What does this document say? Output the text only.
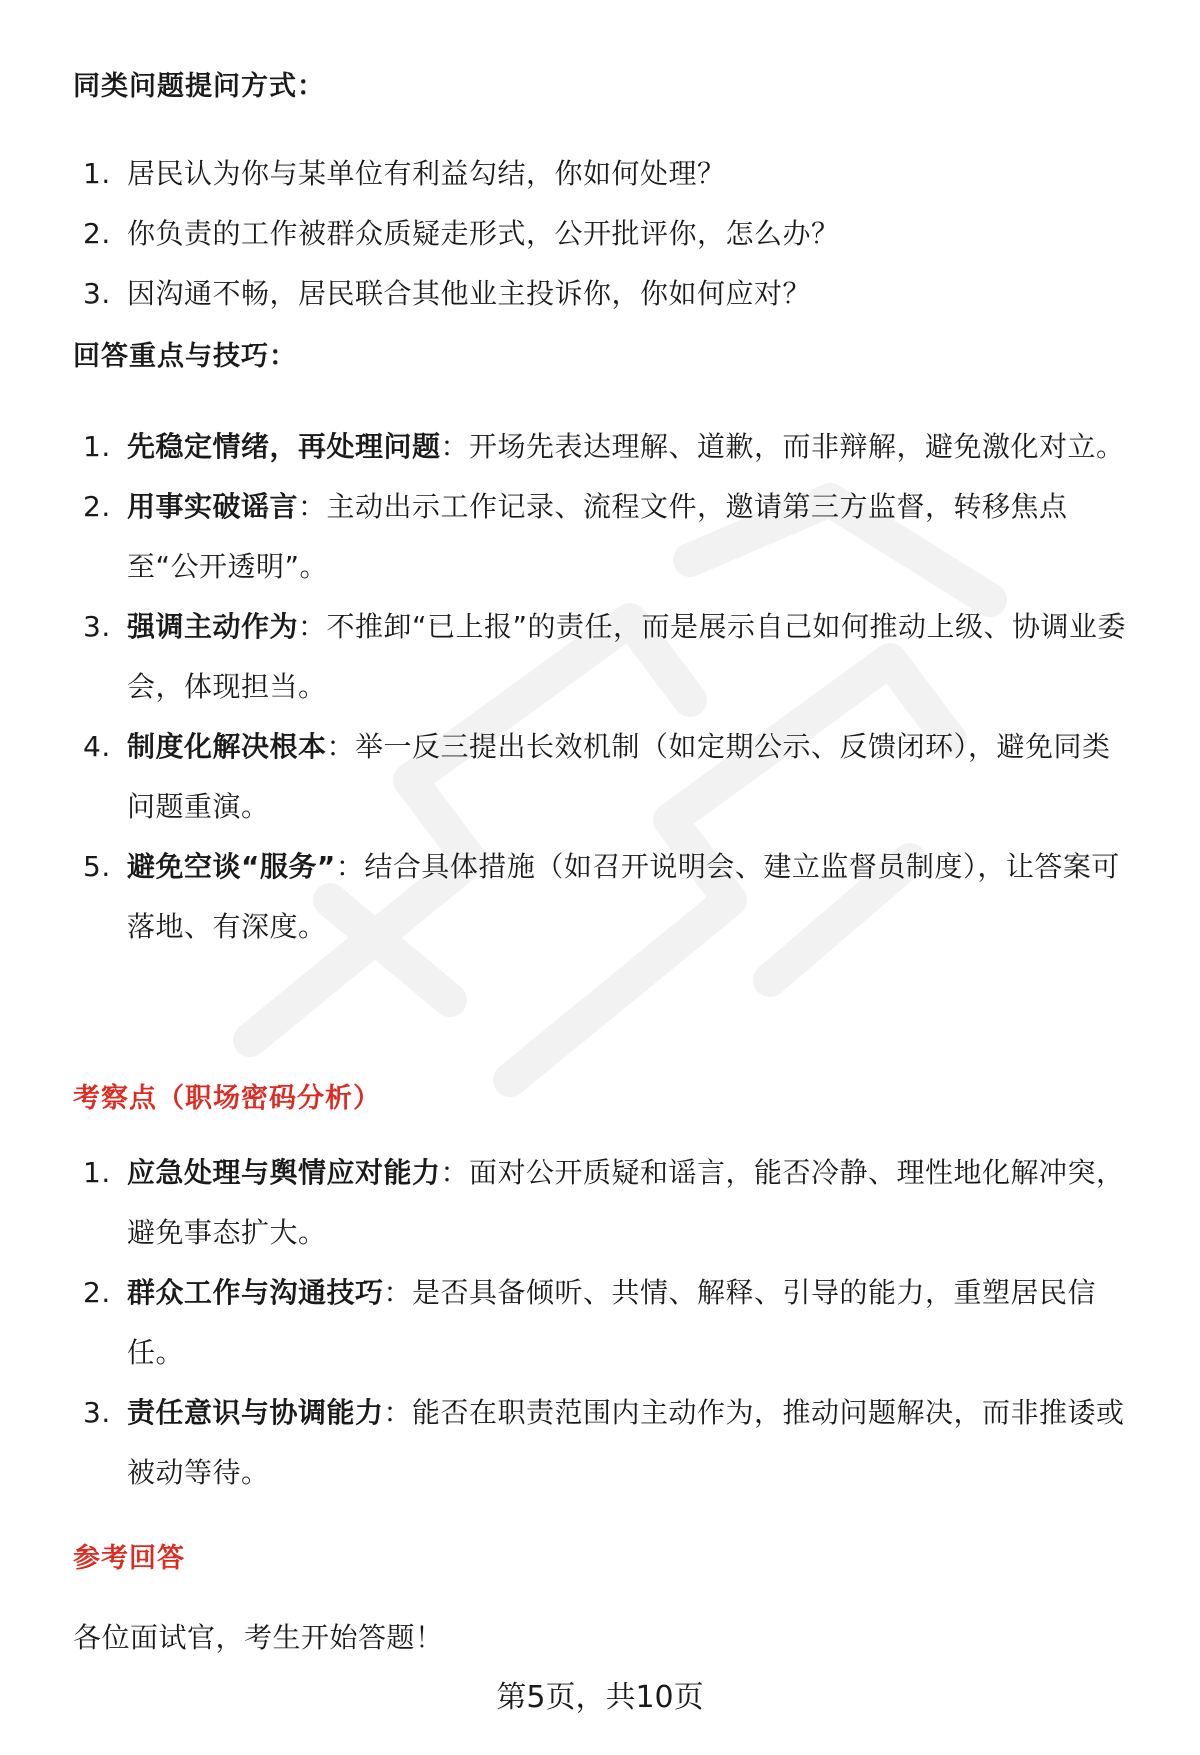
同类问题提问方式：
1. 居民认为你与某单位有利益勾结，你如何处理？
2. 你负责的工作被群众质疑走形式，公开批评你，怎么办？
3. 因沟通不畅，居民联合其他业主投诉你，你如何应对？
回答重点与技巧：
1. 先稳定情绪，再处理问题：开场先表达理解、道歉，而非辩解，避免激化对立。
2. 用事实破谣言：主动出示工作记录、流程文件，邀请第三方监督，转移焦点至“公开透明”。
3. 强调主动作为：不推卸“已上报”的责任，而是展示自己如何推动上级、协调业委会，体现担当。
4. 制度化解决根本：举一反三提出长效机制（如定期公示、反馈闭环），避免同类问题重演。
5. 避免空谈“服务”：结合具体措施（如召开说明会、建立监督员制度），让答案可落地、有深度。
考察点（职场密码分析）
1. 应急处理与舆情应对能力：面对公开质疑和谣言，能否冷静、理性地化解冲突，避免事态扩大。
2. 群众工作与沟通技巧：是否具备倾听、共情、解释、引导的能力，重塑居民信任。
3. 责任意识与协调能力：能否在职责范围内主动作为，推动问题解决，而非推诿或被动等待。
参考回答
各位面试官，考生开始答题！
第5页，共10页
